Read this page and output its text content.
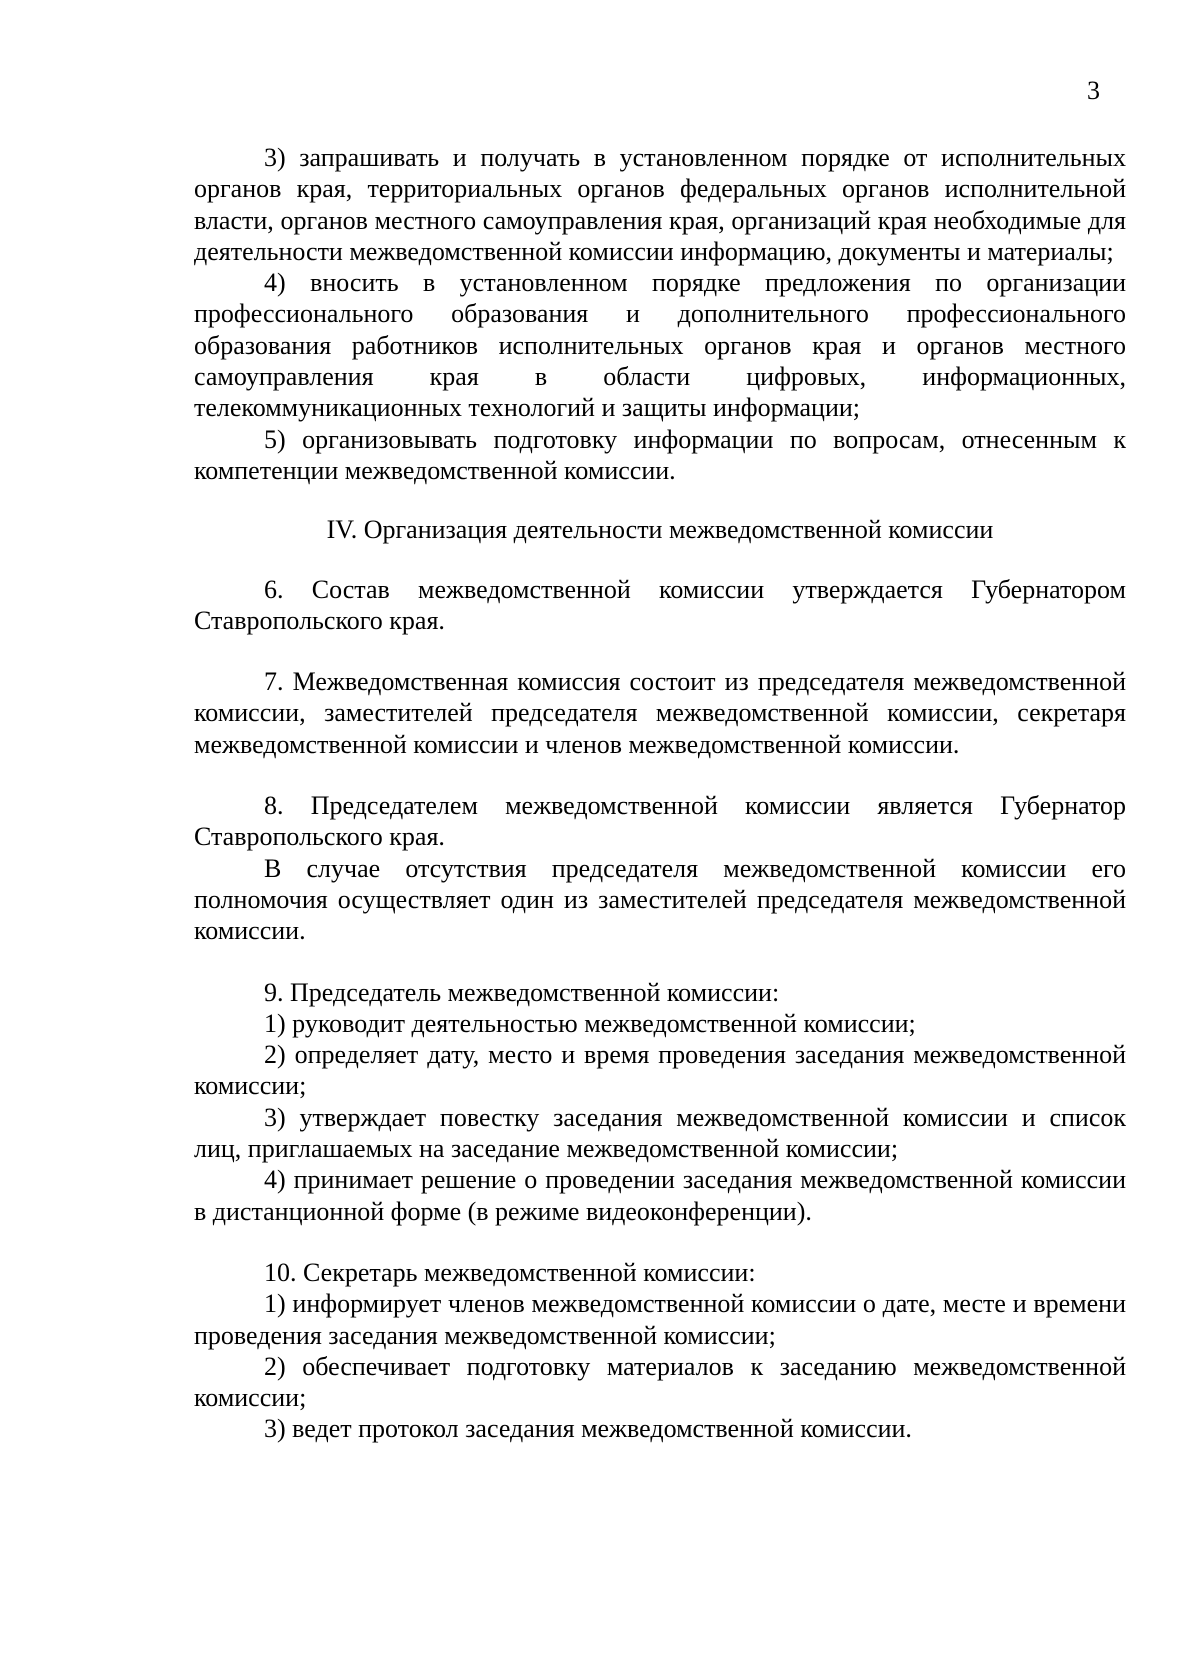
3

3) запрашивать и получать в установленном порядке от исполнительных органов края, территориальных органов федеральных органов исполнительной власти, органов местного самоуправления края, организаций края необходимые для деятельности межведомственной комиссии информацию, документы и материалы;

4) вносить в установленном порядке предложения по организации профессионального образования и дополнительного профессионального образования работников исполнительных органов края и органов местного самоуправления края в области цифровых, информационных, телекоммуникационных технологий и защиты информации;

5) организовывать подготовку информации по вопросам, отнесенным к компетенции межведомственной комиссии.

IV. Организация деятельности межведомственной комиссии

6. Состав межведомственной комиссии утверждается Губернатором Ставропольского края.

7. Межведомственная комиссия состоит из председателя межведомственной комиссии, заместителей председателя межведомственной комиссии, секретаря межведомственной комиссии и членов межведомственной комиссии.

8. Председателем межведомственной комиссии является Губернатор Ставропольского края.

В случае отсутствия председателя межведомственной комиссии его полномочия осуществляет один из заместителей председателя межведомственной комиссии.

9. Председатель межведомственной комиссии:

1) руководит деятельностью межведомственной комиссии;

2) определяет дату, место и время проведения заседания межведомственной комиссии;

3) утверждает повестку заседания межведомственной комиссии и список лиц, приглашаемых на заседание межведомственной комиссии;

4) принимает решение о проведении заседания межведомственной комиссии в дистанционной форме (в режиме видеоконференции).

10. Секретарь межведомственной комиссии:

1) информирует членов межведомственной комиссии о дате, месте и времени проведения заседания межведомственной комиссии;

2) обеспечивает подготовку материалов к заседанию межведомственной комиссии;

3) ведет протокол заседания межведомственной комиссии.
